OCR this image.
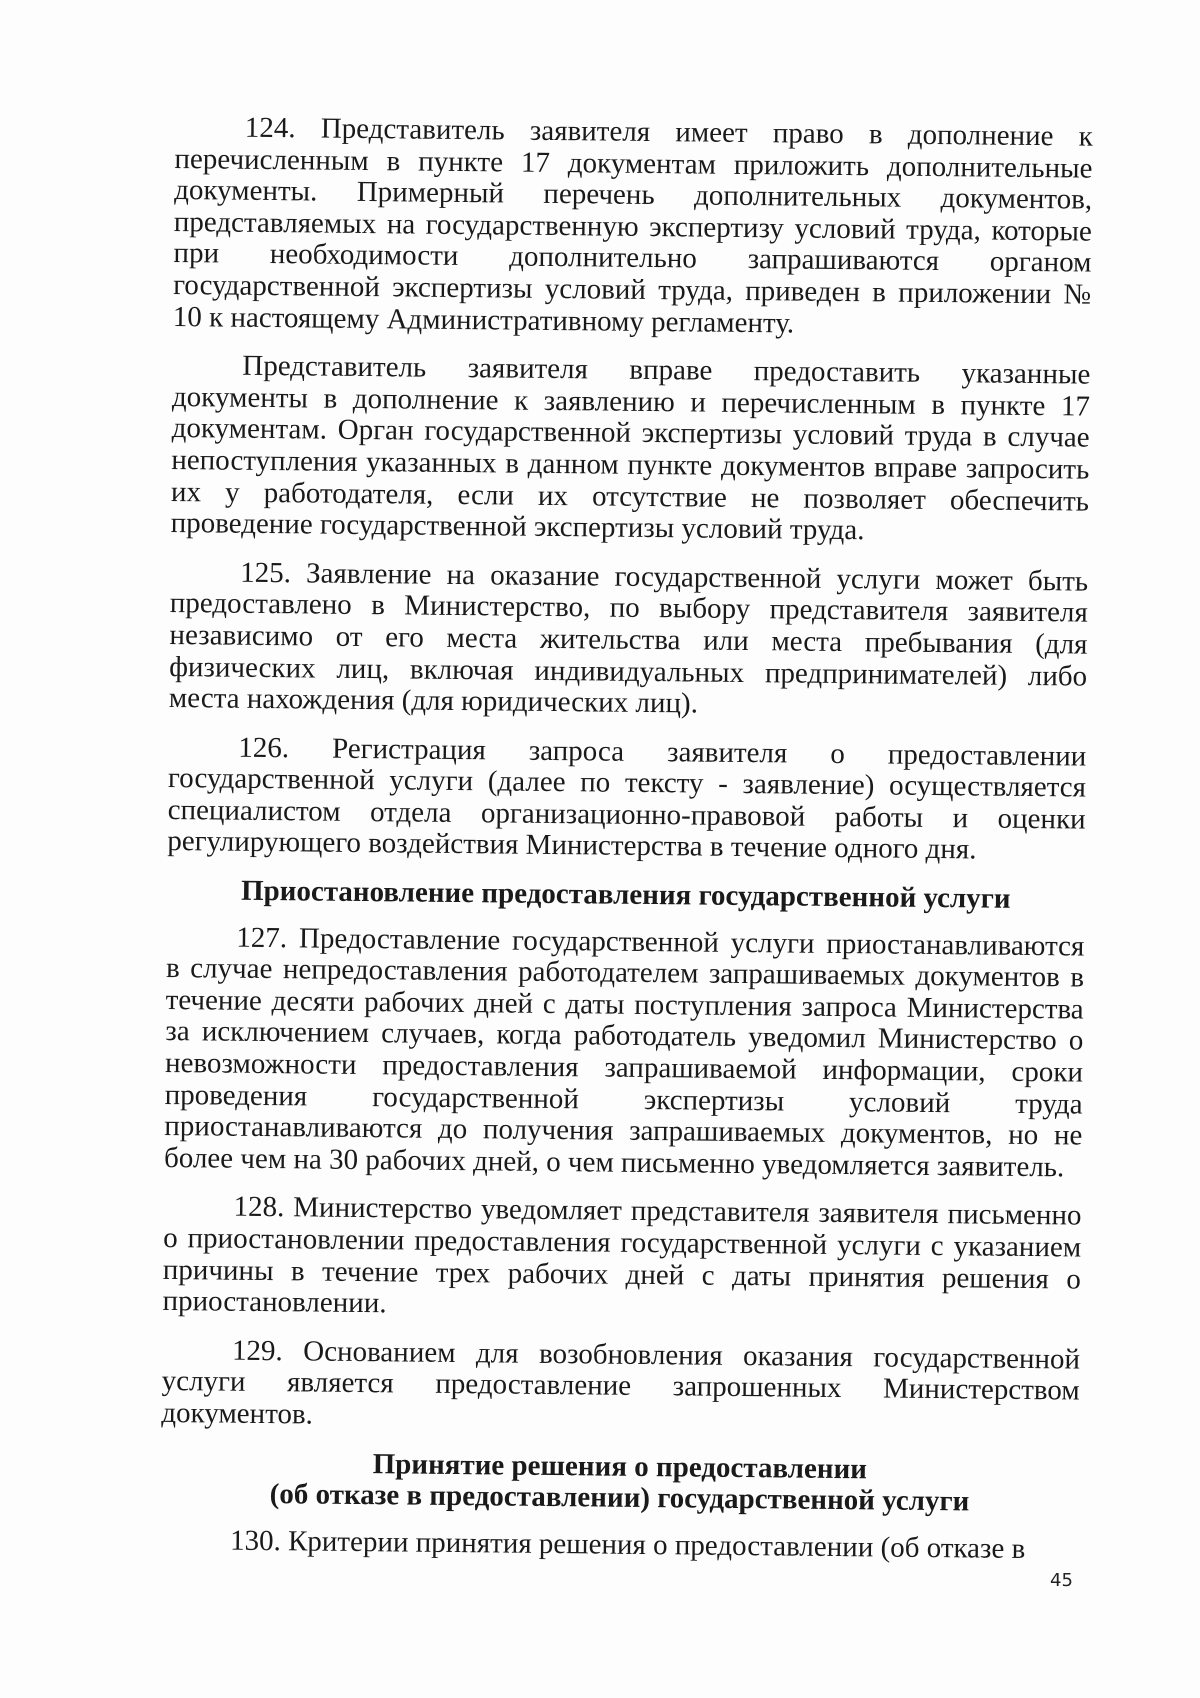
124. Представитель заявителя имеет право в дополнение к перечисленным в пункте 17 документам приложить дополнительные документы. Примерный перечень дополнительных документов, представляемых на государственную экспертизу условий труда, которые при необходимости дополнительно запрашиваются органом государственной экспертизы условий труда, приведен в приложении № 10 к настоящему Административному регламенту.

Представитель заявителя вправе предоставить указанные документы в дополнение к заявлению и перечисленным в пункте 17 документам. Орган государственной экспертизы условий труда в случае непоступления указанных в данном пункте документов вправе запросить их у работодателя, если их отсутствие не позволяет обеспечить проведение государственной экспертизы условий труда.

125. Заявление на оказание государственной услуги может быть предоставлено в Министерство, по выбору представителя заявителя независимо от его места жительства или места пребывания (для физических лиц, включая индивидуальных предпринимателей) либо места нахождения (для юридических лиц).

126. Регистрация запроса заявителя о предоставлении государственной услуги (далее по тексту - заявление) осуществляется специалистом отдела организационно-правовой работы и оценки регулирующего воздействия Министерства в течение одного дня.

Приостановление предоставления государственной услуги

127. Предоставление государственной услуги приостанавливаются в случае непредоставления работодателем запрашиваемых документов в течение десяти рабочих дней с даты поступления запроса Министерства за исключением случаев, когда работодатель уведомил Министерство о невозможности предоставления запрашиваемой информации, сроки проведения государственной экспертизы условий труда приостанавливаются до получения запрашиваемых документов, но не более чем на 30 рабочих дней, о чем письменно уведомляется заявитель.

128. Министерство уведомляет представителя заявителя письменно о приостановлении предоставления государственной услуги с указанием причины в течение трех рабочих дней с даты принятия решения о приостановлении.

129. Основанием для возобновления оказания государственной услуги является предоставление запрошенных Министерством документов.

Принятие решения о предоставлении
(об отказе в предоставлении) государственной услуги

130. Критерии принятия решения о предоставлении (об отказе в

45
